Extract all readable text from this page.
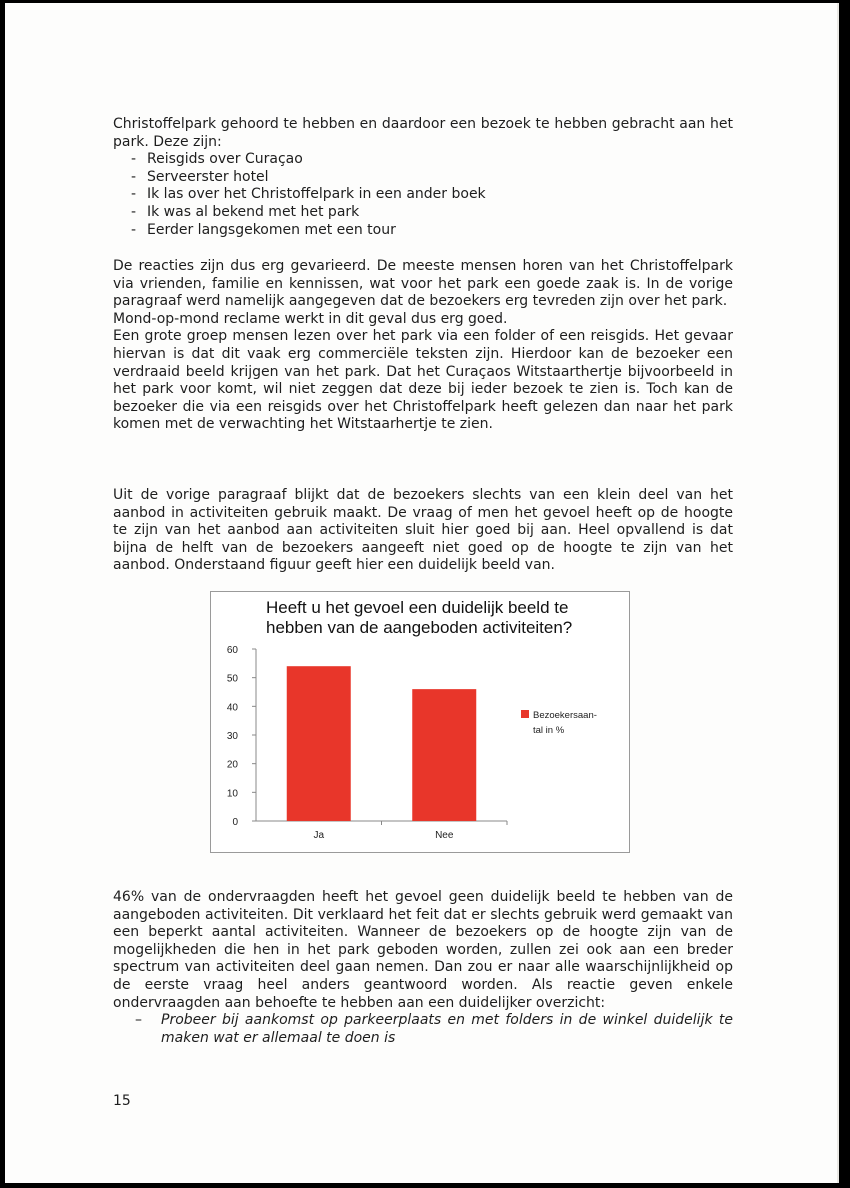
Christoffelpark gehoord te hebben en daardoor een bezoek te hebben gebracht aan het park. Deze zijn:

- Reisgids over Curaçao
- Serveerster hotel
- Ik las over het Christoffelpark in een ander boek
- Ik was al bekend met het park
- Eerder langsgekomen met een tour

De reacties zijn dus erg gevarieerd. De meeste mensen horen van het Christoffelpark via vrienden, familie en kennissen, wat voor het park een goede zaak is. In de vorige paragraaf werd namelijk aangegeven dat de bezoekers erg tevreden zijn over het park.

Mond-op-mond reclame werkt in dit geval dus erg goed.

Een grote groep mensen lezen over het park via een folder of een reisgids. Het gevaar hiervan is dat dit vaak erg commerciële teksten zijn. Hierdoor kan de bezoeker een verdraaid beeld krijgen van het park. Dat het Curaçaos Witstaarthertje bijvoorbeeld in het park voor komt, wil niet zeggen dat deze bij ieder bezoek te zien is. Toch kan de bezoeker die via een reisgids over het Christoffelpark heeft gelezen dan naar het park komen met de verwachting het Witstaarhertje te zien.

Uit de vorige paragraaf blijkt dat de bezoekers slechts van een klein deel van het aanbod in activiteiten gebruik maakt. De vraag of men het gevoel heeft op de hoogte te zijn van het aanbod aan activiteiten sluit hier goed bij aan. Heel opvallend is dat bijna de helft van de bezoekers aangeeft niet goed op de hoogte te zijn van het aanbod. Onderstaand figuur geeft hier een duidelijk beeld van.

Heeft u het gevoel een duidelijk beeld te hebben van de aangeboden activiteiten?
0
10
20
30
40
50
60
Ja	Nee
Bezoekersaan-
tal in %

46% van de ondervraagden heeft het gevoel geen duidelijk beeld te hebben van de aangeboden activiteiten. Dit verklaard het feit dat er slechts gebruik werd gemaakt van een beperkt aantal activiteiten. Wanneer de bezoekers op de hoogte zijn van de mogelijkheden die hen in het park geboden worden, zullen zei ook aan een breder spectrum van activiteiten deel gaan nemen. Dan zou er naar alle waarschijnlijkheid op de eerste vraag heel anders geantwoord worden. Als reactie geven enkele ondervraagden aan behoefte te hebben aan een duidelijker overzicht:

– Probeer bij aankomst op parkeerplaats en met folders in de winkel duidelijk te maken wat er allemaal te doen is
15
